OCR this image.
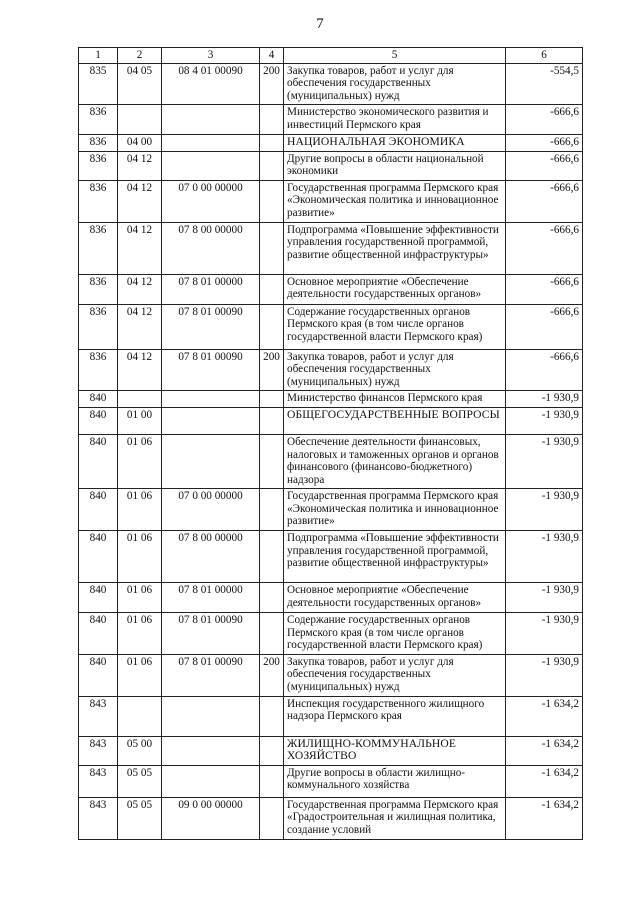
7
1	2	3	4	5	6
835	04 05	08 4 01 00090	200	Закупка товаров, работ и услуг для обеспечения государственных (муниципальных) нужд	-554,5
836				Министерство экономического развития и инвестиций Пермского края	-666,6
836	04 00			НАЦИОНАЛЬНАЯ ЭКОНОМИКА	-666,6
836	04 12			Другие вопросы в области национальной экономики	-666,6
836	04 12	07 0 00 00000		Государственная программа Пермского края «Экономическая политика и инновационное развитие»	-666,6
836	04 12	07 8 00 00000		Подпрограмма «Повышение эффективности управления государственной программой, развитие общественной инфраструктуры»	-666,6
836	04 12	07 8 01 00000		Основное мероприятие «Обеспечение деятельности государственных органов»	-666,6
836	04 12	07 8 01 00090		Содержание государственных органов Пермского края (в том числе органов государственной власти Пермского края)	-666,6
836	04 12	07 8 01 00090	200	Закупка товаров, работ и услуг для обеспечения государственных (муниципальных) нужд	-666,6
840				Министерство финансов Пермского края	-1 930,9
840	01 00			ОБЩЕГОСУДАРСТВЕННЫЕ ВОПРОСЫ	-1 930,9
840	01 06			Обеспечение деятельности финансовых, налоговых и таможенных органов и органов финансового (финансово-бюджетного) надзора	-1 930,9
840	01 06	07 0 00 00000		Государственная программа Пермского края «Экономическая политика и инновационное развитие»	-1 930,9
840	01 06	07 8 00 00000		Подпрограмма «Повышение эффективности управления государственной программой, развитие общественной инфраструктуры»	-1 930,9
840	01 06	07 8 01 00000		Основное мероприятие «Обеспечение деятельности государственных органов»	-1 930,9
840	01 06	07 8 01 00090		Содержание государственных органов Пермского края (в том числе органов государственной власти Пермского края)	-1 930,9
840	01 06	07 8 01 00090	200	Закупка товаров, работ и услуг для обеспечения государственных (муниципальных) нужд	-1 930,9
843				Инспекция государственного жилищного надзора Пермского края	-1 634,2
843	05 00			ЖИЛИЩНО-КОММУНАЛЬНОЕ ХОЗЯЙСТВО	-1 634,2
843	05 05			Другие вопросы в области жилищно-коммунального хозяйства	-1 634,2
843	05 05	09 0 00 00000		Государственная программа Пермского края «Градостроительная и жилищная политика, создание условий	-1 634,2
